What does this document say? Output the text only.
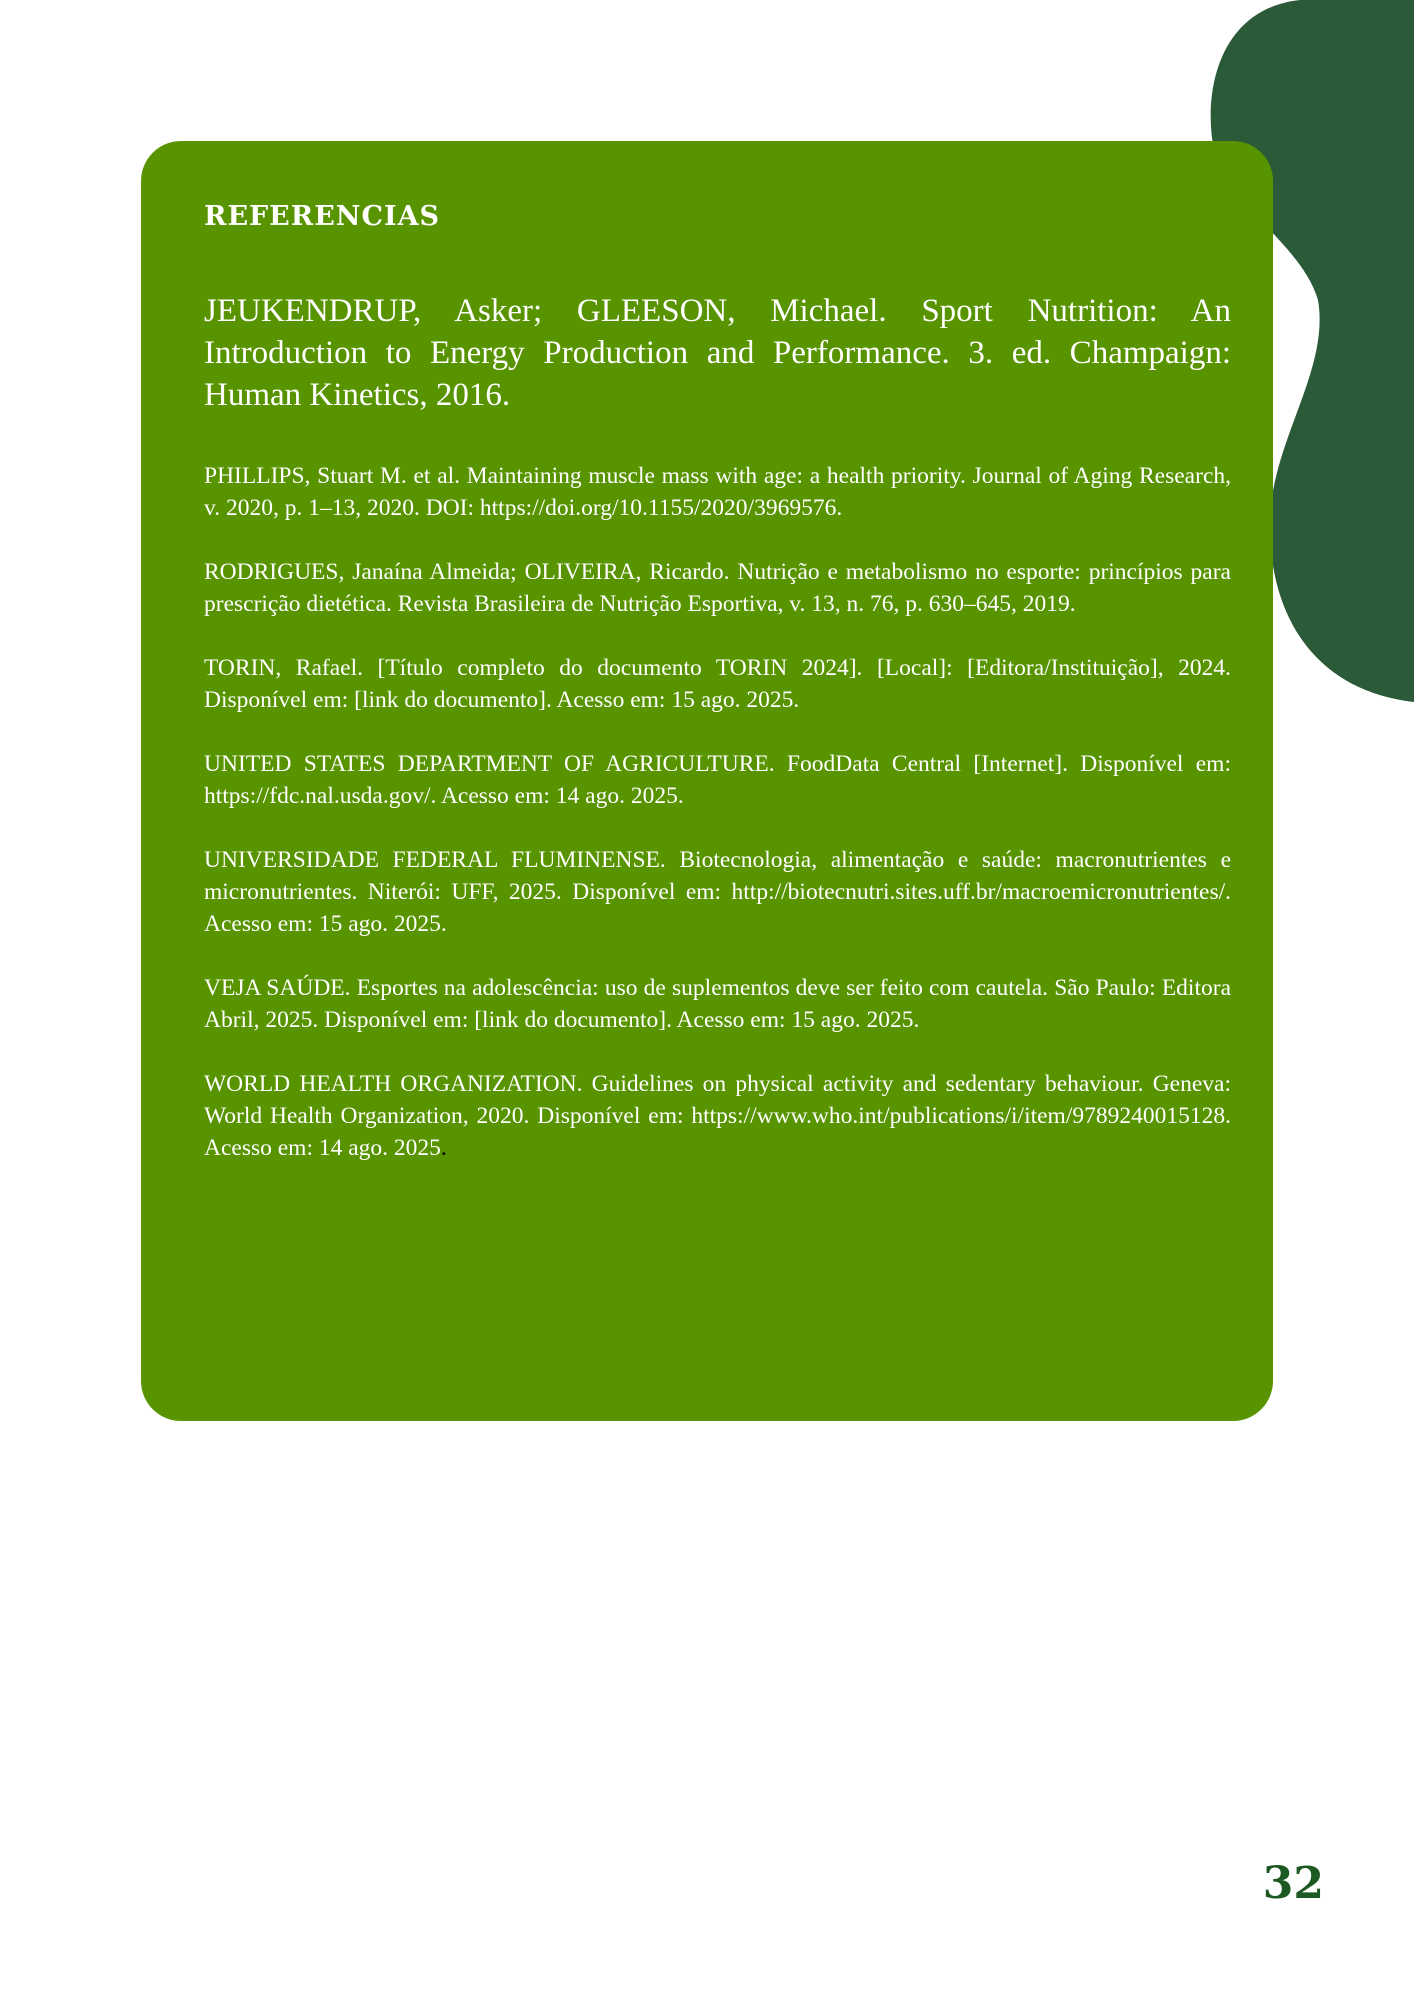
REFERENCIAS

JEUKENDRUP, Asker; GLEESON, Michael. Sport Nutrition: An Introduction to Energy Production and Performance. 3. ed. Champaign: Human Kinetics, 2016.

PHILLIPS, Stuart M. et al. Maintaining muscle mass with age: a health priority. Journal of Aging Research, v. 2020, p. 1–13, 2020. DOI: https://doi.org/10.1155/2020/3969576.

RODRIGUES, Janaína Almeida; OLIVEIRA, Ricardo. Nutrição e metabolismo no esporte: princípios para prescrição dietética. Revista Brasileira de Nutrição Esportiva, v. 13, n. 76, p. 630–645, 2019.

TORIN, Rafael. [Título completo do documento TORIN 2024]. [Local]: [Editora/Instituição], 2024. Disponível em: [link do documento]. Acesso em: 15 ago. 2025.

UNITED STATES DEPARTMENT OF AGRICULTURE. FoodData Central [Internet]. Disponível em: https://fdc.nal.usda.gov/. Acesso em: 14 ago. 2025.

UNIVERSIDADE FEDERAL FLUMINENSE. Biotecnologia, alimentação e saúde: macronutrientes e micronutrientes. Niterói: UFF, 2025. Disponível em: http://biotecnutri.sites.uff.br/macroemicronutrientes/. Acesso em: 15 ago. 2025.

VEJA SAÚDE. Esportes na adolescência: uso de suplementos deve ser feito com cautela. São Paulo: Editora Abril, 2025. Disponível em: [link do documento]. Acesso em: 15 ago. 2025.

WORLD HEALTH ORGANIZATION. Guidelines on physical activity and sedentary behaviour. Geneva: World Health Organization, 2020. Disponível em: https://www.who.int/publications/i/item/9789240015128. Acesso em: 14 ago. 2025.

32
